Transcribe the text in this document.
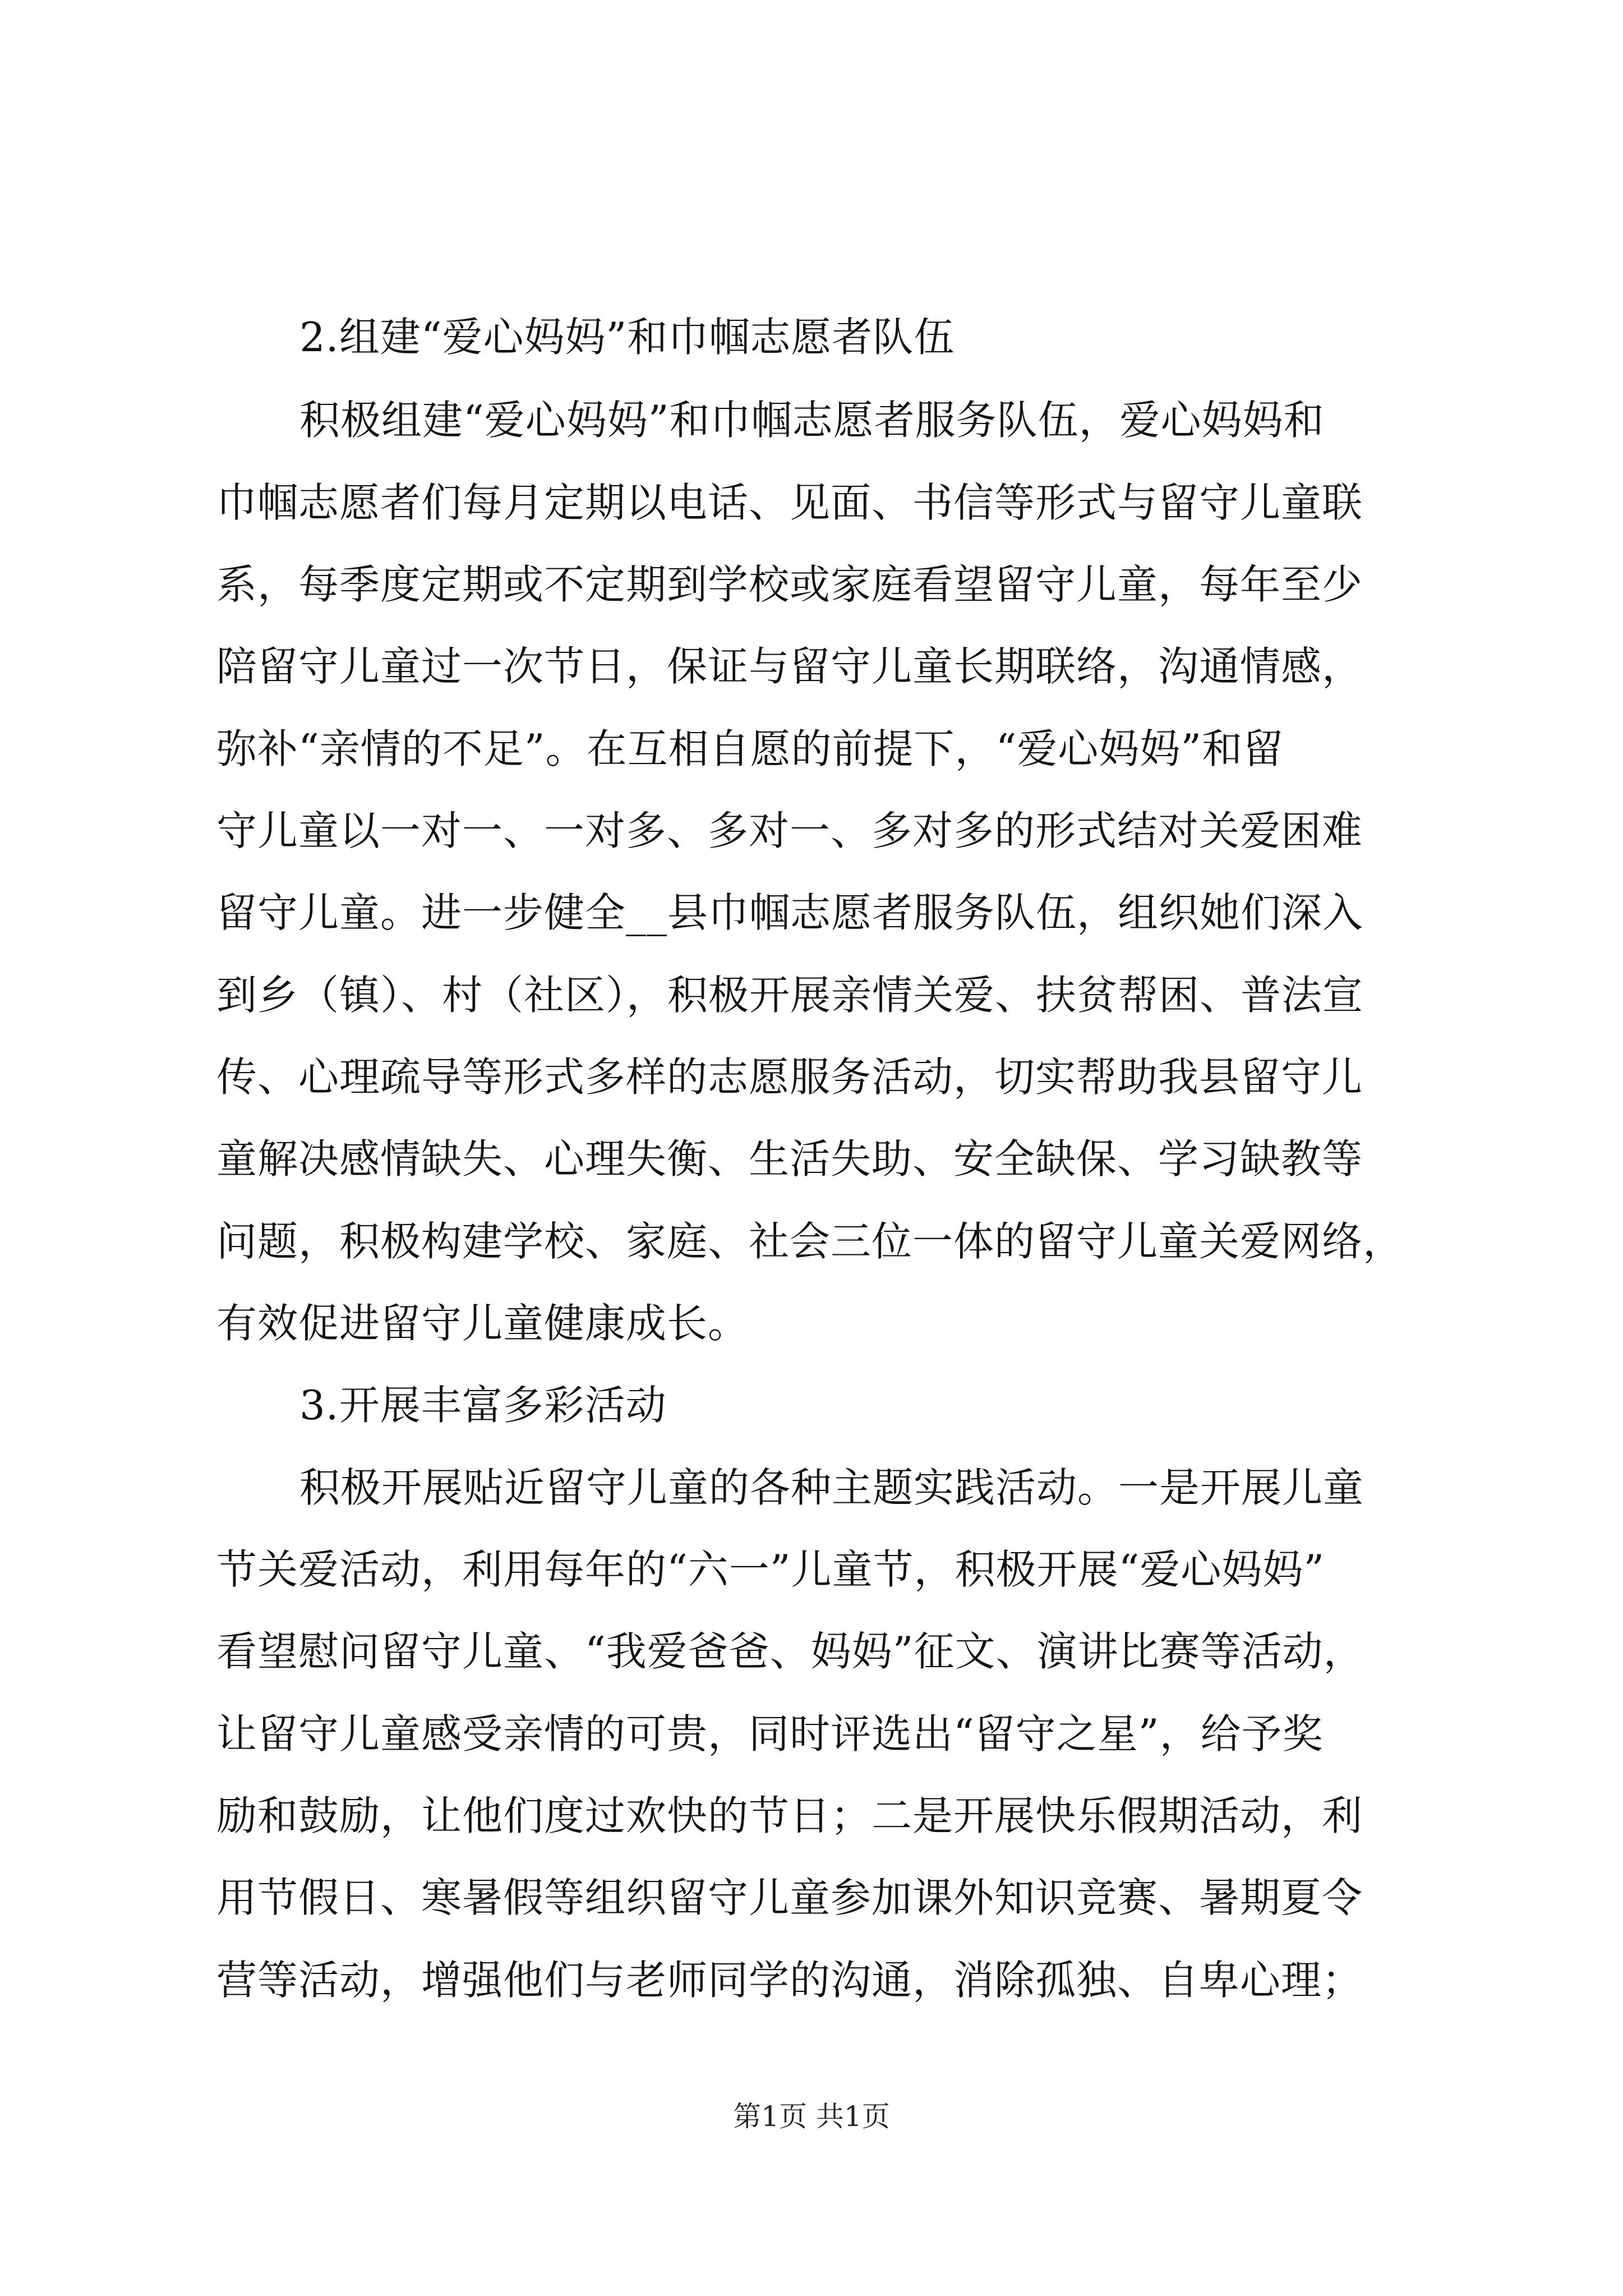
2.组建“爱心妈妈”和巾帼志愿者队伍
积极组建“爱心妈妈”和巾帼志愿者服务队伍，爱心妈妈和
巾帼志愿者们每月定期以电话、见面、书信等形式与留守儿童联
系，每季度定期或不定期到学校或家庭看望留守儿童，每年至少
陪留守儿童过一次节日，保证与留守儿童长期联络，沟通情感，
弥补“亲情的不足”。在互相自愿的前提下，“爱心妈妈”和留
守儿童以一对一、一对多、多对一、多对多的形式结对关爱困难
留守儿童。进一步健全__县巾帼志愿者服务队伍，组织她们深入
到乡（镇）、村（社区），积极开展亲情关爱、扶贫帮困、普法宣
传、心理疏导等形式多样的志愿服务活动，切实帮助我县留守儿
童解决感情缺失、心理失衡、生活失助、安全缺保、学习缺教等
问题，积极构建学校、家庭、社会三位一体的留守儿童关爱网络，
有效促进留守儿童健康成长。
3.开展丰富多彩活动
积极开展贴近留守儿童的各种主题实践活动。一是开展儿童
节关爱活动，利用每年的“六一”儿童节，积极开展“爱心妈妈”
看望慰问留守儿童、“我爱爸爸、妈妈”征文、演讲比赛等活动，
让留守儿童感受亲情的可贵，同时评选出“留守之星”，给予奖
励和鼓励，让他们度过欢快的节日；二是开展快乐假期活动，利
用节假日、寒暑假等组织留守儿童参加课外知识竞赛、暑期夏令
营等活动，增强他们与老师同学的沟通，消除孤独、自卑心理；
第1页 共1页
